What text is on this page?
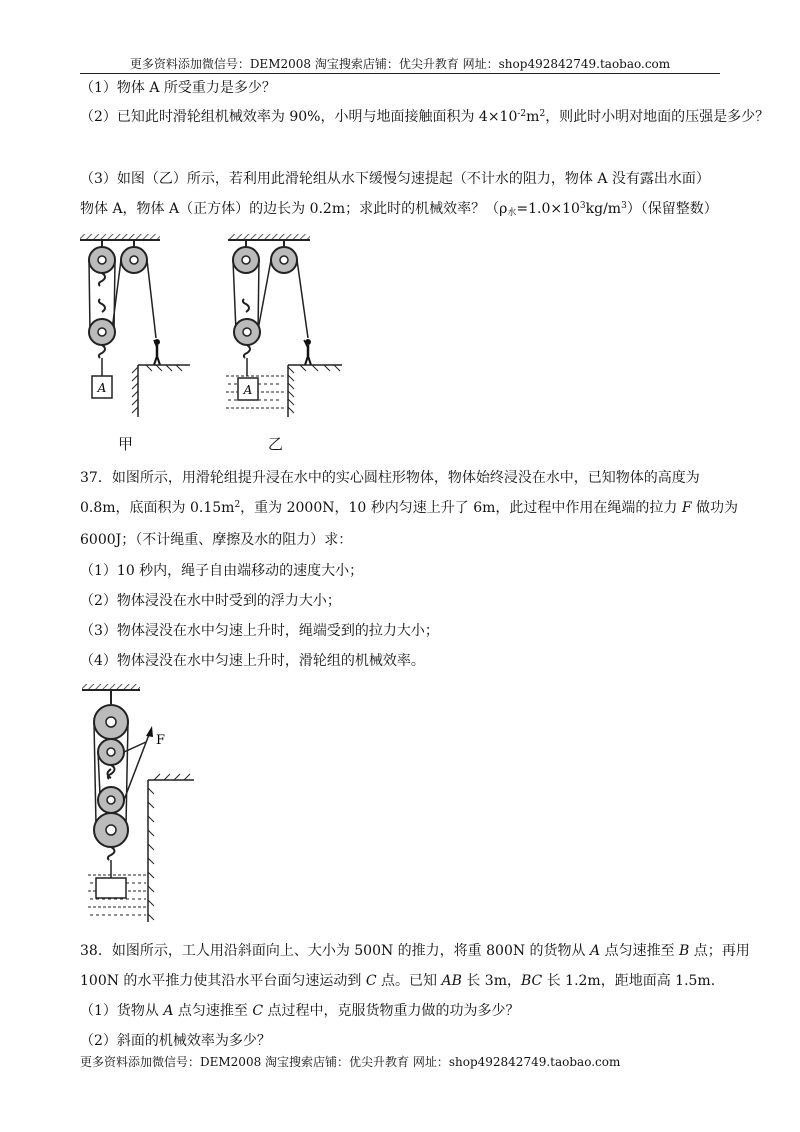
更多资料添加微信号：DEM2008 淘宝搜索店铺：优尖升教育 网址：shop492842749.taobao.com
（1）物体 A 所受重力是多少？
（2）已知此时滑轮组机械效率为 90%，小明与地面接触面积为 $4\times 10^{-2}m^2$，则此时小明对地面的压强是多少？
（3）如图（乙）所示，若利用此滑轮组从水下缓慢匀速提起（不计水的阻力，物体 A 没有露出水面）物体 A，物体 A（正方体）的边长为 0.2m；求此时的机械效率？$(\rho_水=1.0\times 10^3kg/m^3)$（保留整数）
A
甲
A
乙
37．如图所示，用滑轮组提升浸在水中的实心圆柱形物体，物体始终浸没在水中，已知物体的高度为
0.8m，底面积为 $0.15m^2$，重为 2000N，10 秒内匀速上升了 6m，此过程中作用在绳端的拉力 F 做功为
6000J；（不计绳重、摩擦及水的阻力）求：
（1）10 秒内，绳子自由端移动的速度大小；
（2）物体浸没在水中时受到的浮力大小；
（3）物体浸没在水中匀速上升时，绳端受到的拉力大小；
（4）物体浸没在水中匀速上升时，滑轮组的机械效率。
F
38．如图所示，工人用沿斜面向上、大小为 500N 的推力，将重 800N 的货物从 A 点匀速推至 B 点；再用
100N 的水平推力使其沿水平台面匀速运动到 C 点。已知 AB 长 3m，BC 长 1.2m，距地面高 1.5m.
（1）货物从 A 点匀速推至 C 点过程中，克服货物重力做的功为多少？
（2）斜面的机械效率为多少？
更多资料添加微信号：DEM2008 淘宝搜索店铺：优尖升教育 网址：shop492842749.taobao.com
